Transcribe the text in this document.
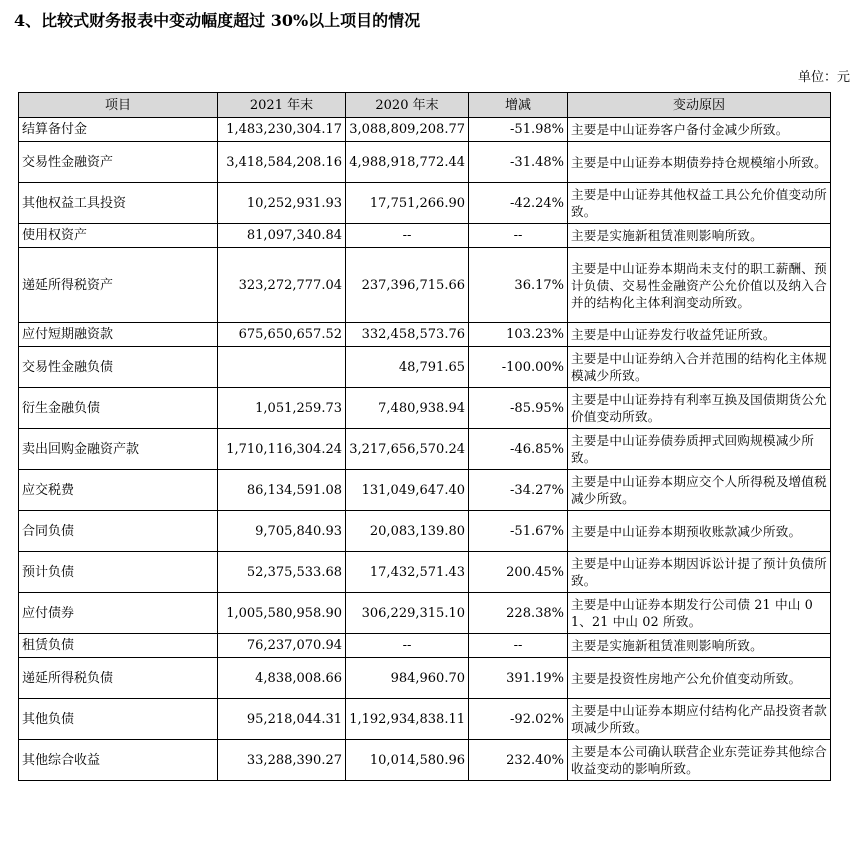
4、比较式财务报表中变动幅度超过 30%以上项目的情况
单位：元
项目	2021 年末	2020 年末	增减	变动原因
结算备付金	1,483,230,304.17	3,088,809,208.77	-51.98%	主要是中山证券客户备付金减少所致。
交易性金融资产	3,418,584,208.16	4,988,918,772.44	-31.48%	主要是中山证券本期债券持仓规模缩小所致。
其他权益工具投资	10,252,931.93	17,751,266.90	-42.24%	主要是中山证券其他权益工具公允价值变动所致。
使用权资产	81,097,340.84	--	--	主要是实施新租赁准则影响所致。
递延所得税资产	323,272,777.04	237,396,715.66	36.17%	主要是中山证券本期尚未支付的职工薪酬、预计负债、交易性金融资产公允价值以及纳入合并的结构化主体利润变动所致。
应付短期融资款	675,650,657.52	332,458,573.76	103.23%	主要是中山证券发行收益凭证所致。
交易性金融负债		48,791.65	-100.00%	主要是中山证券纳入合并范围的结构化主体规模减少所致。
衍生金融负债	1,051,259.73	7,480,938.94	-85.95%	主要是中山证券持有利率互换及国债期货公允价值变动所致。
卖出回购金融资产款	1,710,116,304.24	3,217,656,570.24	-46.85%	主要是中山证券债券质押式回购规模减少所致。
应交税费	86,134,591.08	131,049,647.40	-34.27%	主要是中山证券本期应交个人所得税及增值税减少所致。
合同负债	9,705,840.93	20,083,139.80	-51.67%	主要是中山证券本期预收账款减少所致。
预计负债	52,375,533.68	17,432,571.43	200.45%	主要是中山证券本期因诉讼计提了预计负债所致。
应付债券	1,005,580,958.90	306,229,315.10	228.38%	主要是中山证券本期发行公司债 21 中山 01、21 中山 02 所致。
租赁负债	76,237,070.94	--	--	主要是实施新租赁准则影响所致。
递延所得税负债	4,838,008.66	984,960.70	391.19%	主要是投资性房地产公允价值变动所致。
其他负债	95,218,044.31	1,192,934,838.11	-92.02%	主要是中山证券本期应付结构化产品投资者款项减少所致。
其他综合收益	33,288,390.27	10,014,580.96	232.40%	主要是本公司确认联营企业东莞证券其他综合收益变动的影响所致。
